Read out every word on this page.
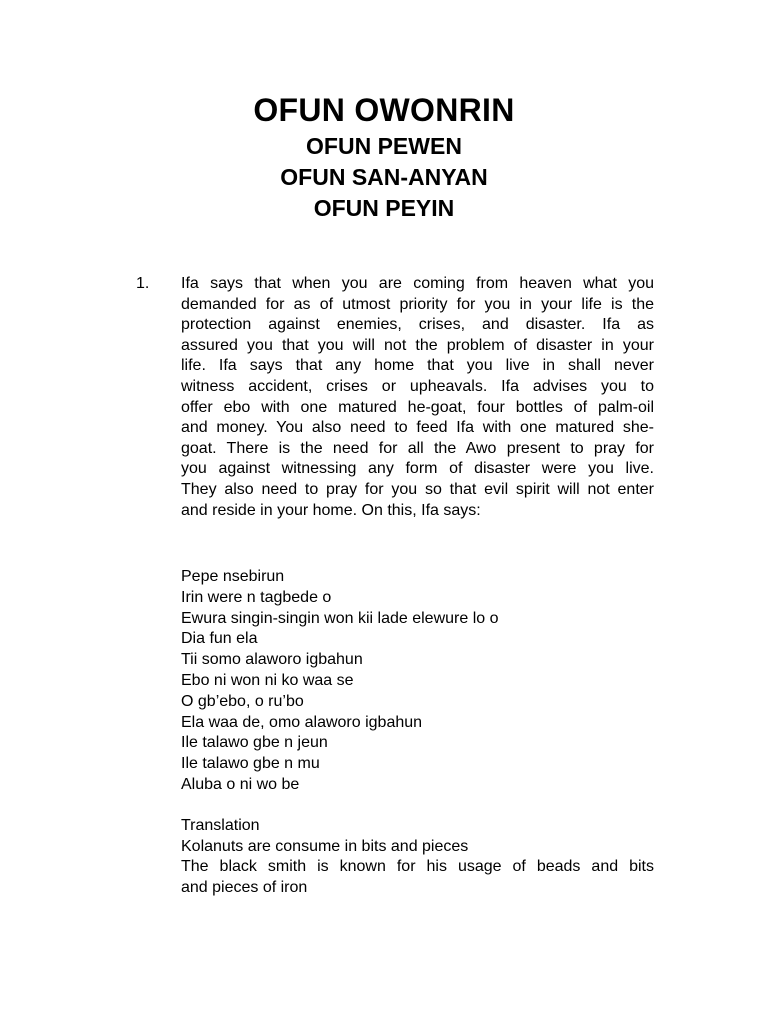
OFUN OWONRIN
OFUN PEWEN
OFUN SAN-ANYAN
OFUN PEYIN
1. Ifa says that when you are coming from heaven what you
demanded for as of utmost priority for you in your life is the
protection against enemies, crises, and disaster. Ifa as
assured you that you will not the problem of disaster in your
life. Ifa says that any home that you live in shall never
witness accident, crises or upheavals. Ifa advises you to
offer ebo with one matured he-goat, four bottles of palm-oil
and money. You also need to feed Ifa with one matured she-
goat. There is the need for all the Awo present to pray for
you against witnessing any form of disaster were you live.
They also need to pray for you so that evil spirit will not enter
and reside in your home. On this, Ifa says:
Pepe nsebirun
Irin were n tagbede o
Ewura singin-singin won kii lade elewure lo o
Dia fun ela
Tii somo alaworo igbahun
Ebo ni won ni ko waa se
O gb’ebo, o ru’bo
Ela waa de, omo alaworo igbahun
Ile talawo gbe n jeun
Ile talawo gbe n mu
Aluba o ni wo be
Translation
Kolanuts are consume in bits and pieces
The black smith is known for his usage of beads and bits
and pieces of iron
